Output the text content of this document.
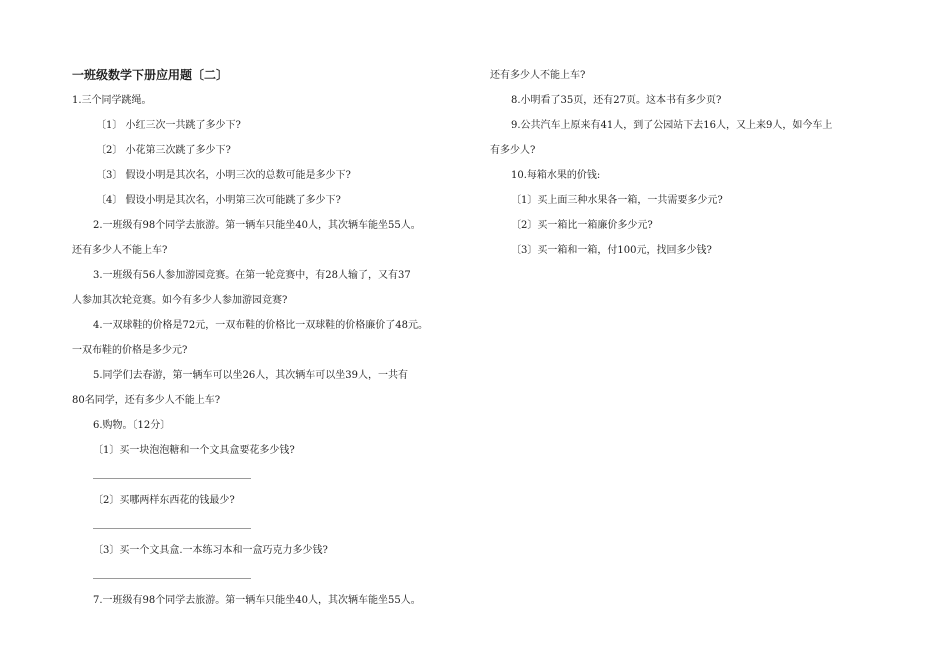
一班级数学下册应用题〔二〕
1.三个同学跳绳。
〔1〕 小红三次一共跳了多少下?
〔2〕 小花第三次跳了多少下?
〔3〕 假设小明是其次名，小明三次的总数可能是多少下?
〔4〕 假设小明是其次名，小明第三次可能跳了多少下?
2.一班级有98个同学去旅游。第一辆车只能坐40人，其次辆车能坐55人。
还有多少人不能上车?
3.一班级有56人参加游园竞赛。在第一轮竞赛中，有28人输了，又有37
人参加其次轮竞赛。如今有多少人参加游园竞赛?
4.一双球鞋的价格是72元，一双布鞋的价格比一双球鞋的价格廉价了48元。
一双布鞋的价格是多少元?
5.同学们去春游，第一辆车可以坐26人，其次辆车可以坐39人，一共有
80名同学，还有多少人不能上车?
6.购物。〔12分〕
〔1〕买一块泡泡糖和一个文具盒要花多少钱?
〔2〕买哪两样东西花的钱最少?
〔3〕买一个文具盒.一本练习本和一盒巧克力多少钱?
7.一班级有98个同学去旅游。第一辆车只能坐40人，其次辆车能坐55人。
还有多少人不能上车?
8.小明看了35页，还有27页。这本书有多少页?
9.公共汽车上原来有41人，到了公园站下去16人，又上来9人，如今车上
有多少人?
10.每箱水果的价钱:
〔1〕买上面三种水果各一箱，一共需要多少元?
〔2〕买一箱比一箱廉价多少元?
〔3〕买一箱和一箱，付100元，找回多少钱?
